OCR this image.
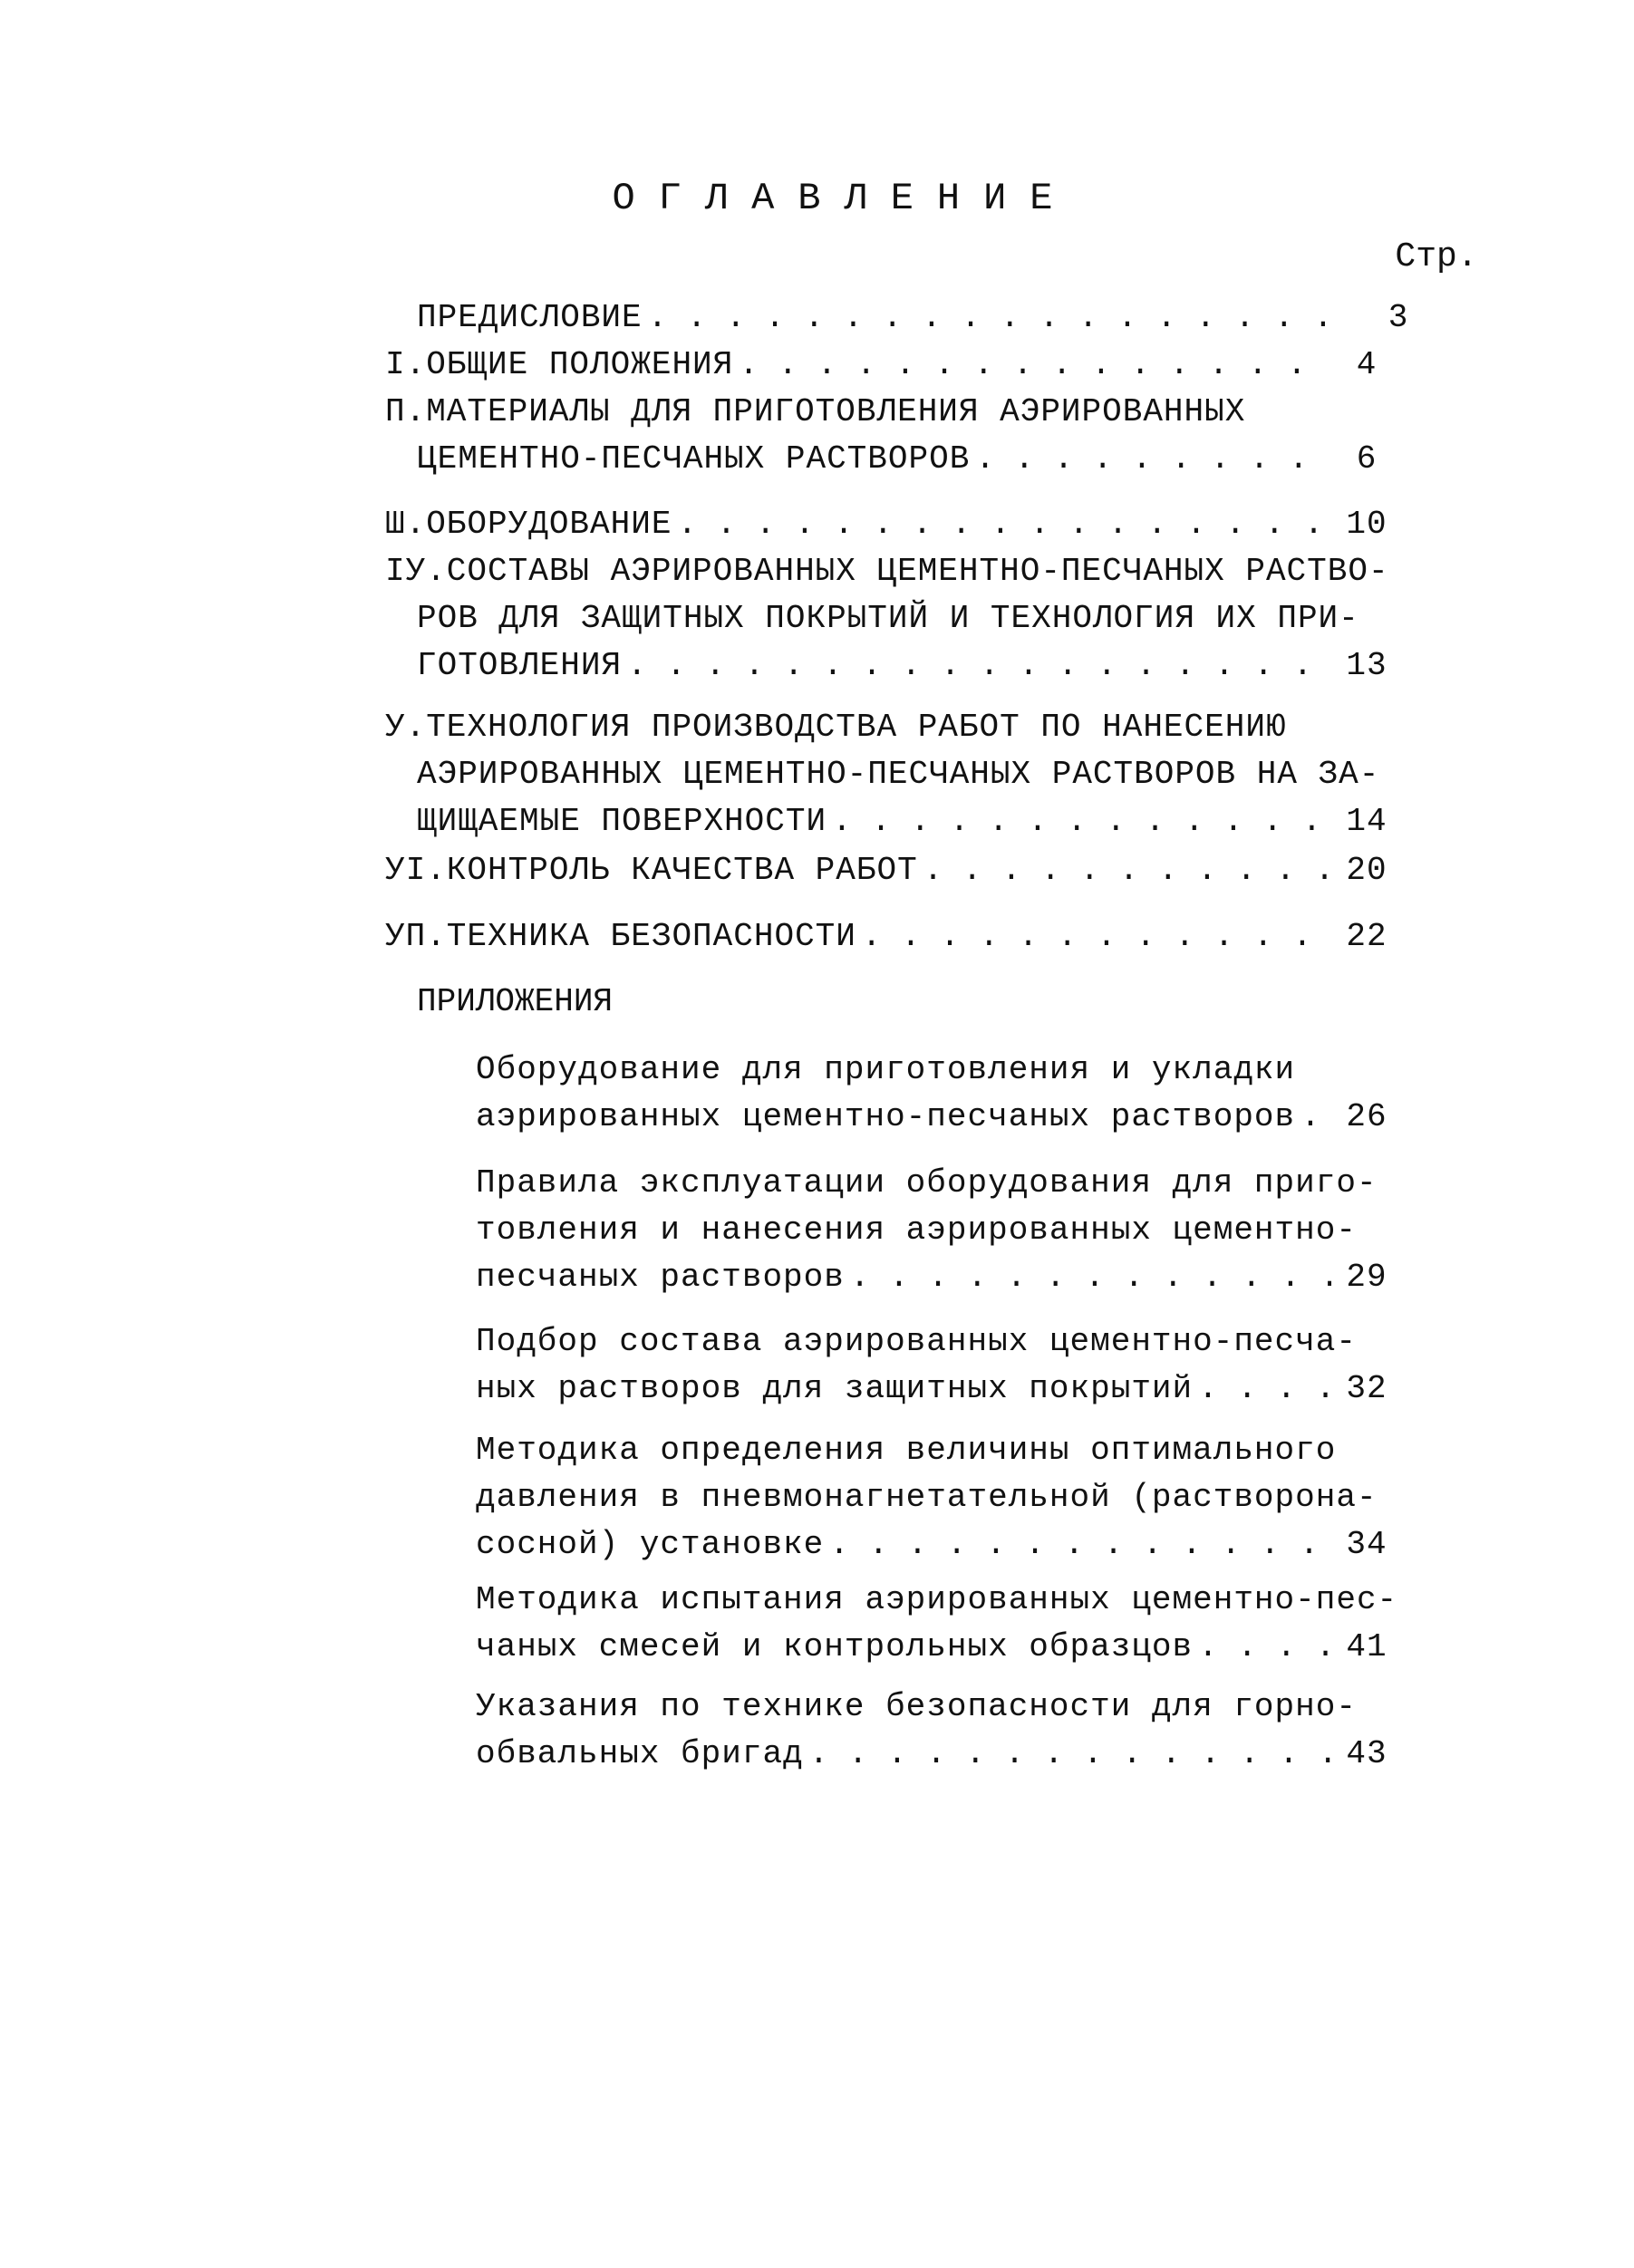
ОГЛАВЛЕНИЕ
Стр.
ПРЕДИСЛОВИЕ . . .	3
I.ОБЩИЕ ПОЛОЖЕНИЯ . . .	4
П.МАТЕРИАЛЫ ДЛЯ ПРИГОТОВЛЕНИЯ АЭРИРОВАННЫХ
ЦЕМЕНТНО-ПЕСЧАНЫХ РАСТВОРОВ . . .	6
Ш.ОБОРУДОВАНИЕ . . .	10
IУ.СОСТАВЫ АЭРИРОВАННЫХ ЦЕМЕНТНО-ПЕСЧАНЫХ РАСТВО-
РОВ ДЛЯ ЗАЩИТНЫХ ПОКРЫТИЙ И ТЕХНОЛОГИЯ ИХ ПРИ-
ГОТОВЛЕНИЯ . . .	13
У.ТЕХНОЛОГИЯ ПРОИЗВОДСТВА РАБОТ ПО НАНЕСЕНИЮ
АЭРИРОВАННЫХ ЦЕМЕНТНО-ПЕСЧАНЫХ РАСТВОРОВ НА ЗА-
ЩИЩАЕМЫЕ ПОВЕРХНОСТИ . . .	14
УI.КОНТРОЛЬ КАЧЕСТВА РАБОТ . . .	20
УП.ТЕХНИКА БЕЗОПАСНОСТИ . . .	22
ПРИЛОЖЕНИЯ
Оборудование для приготовления и укладки
аэрированных цементно-песчаных растворов . . .	26
Правила эксплуатации оборудования для приго-
товления и нанесения аэрированных цементно-
песчаных растворов . . .	29
Подбор состава аэрированных цементно-песча-
ных растворов для защитных покрытий . . .	32
Методика определения величины оптимального
давления в пневмонагнетательной (растворона-
сосной) установке . . .	34
Методика испытания аэрированных цементно-пес-
чаных смесей и контрольных образцов . . .	41
Указания по технике безопасности для горно-
обвальных бригад . . .	43
